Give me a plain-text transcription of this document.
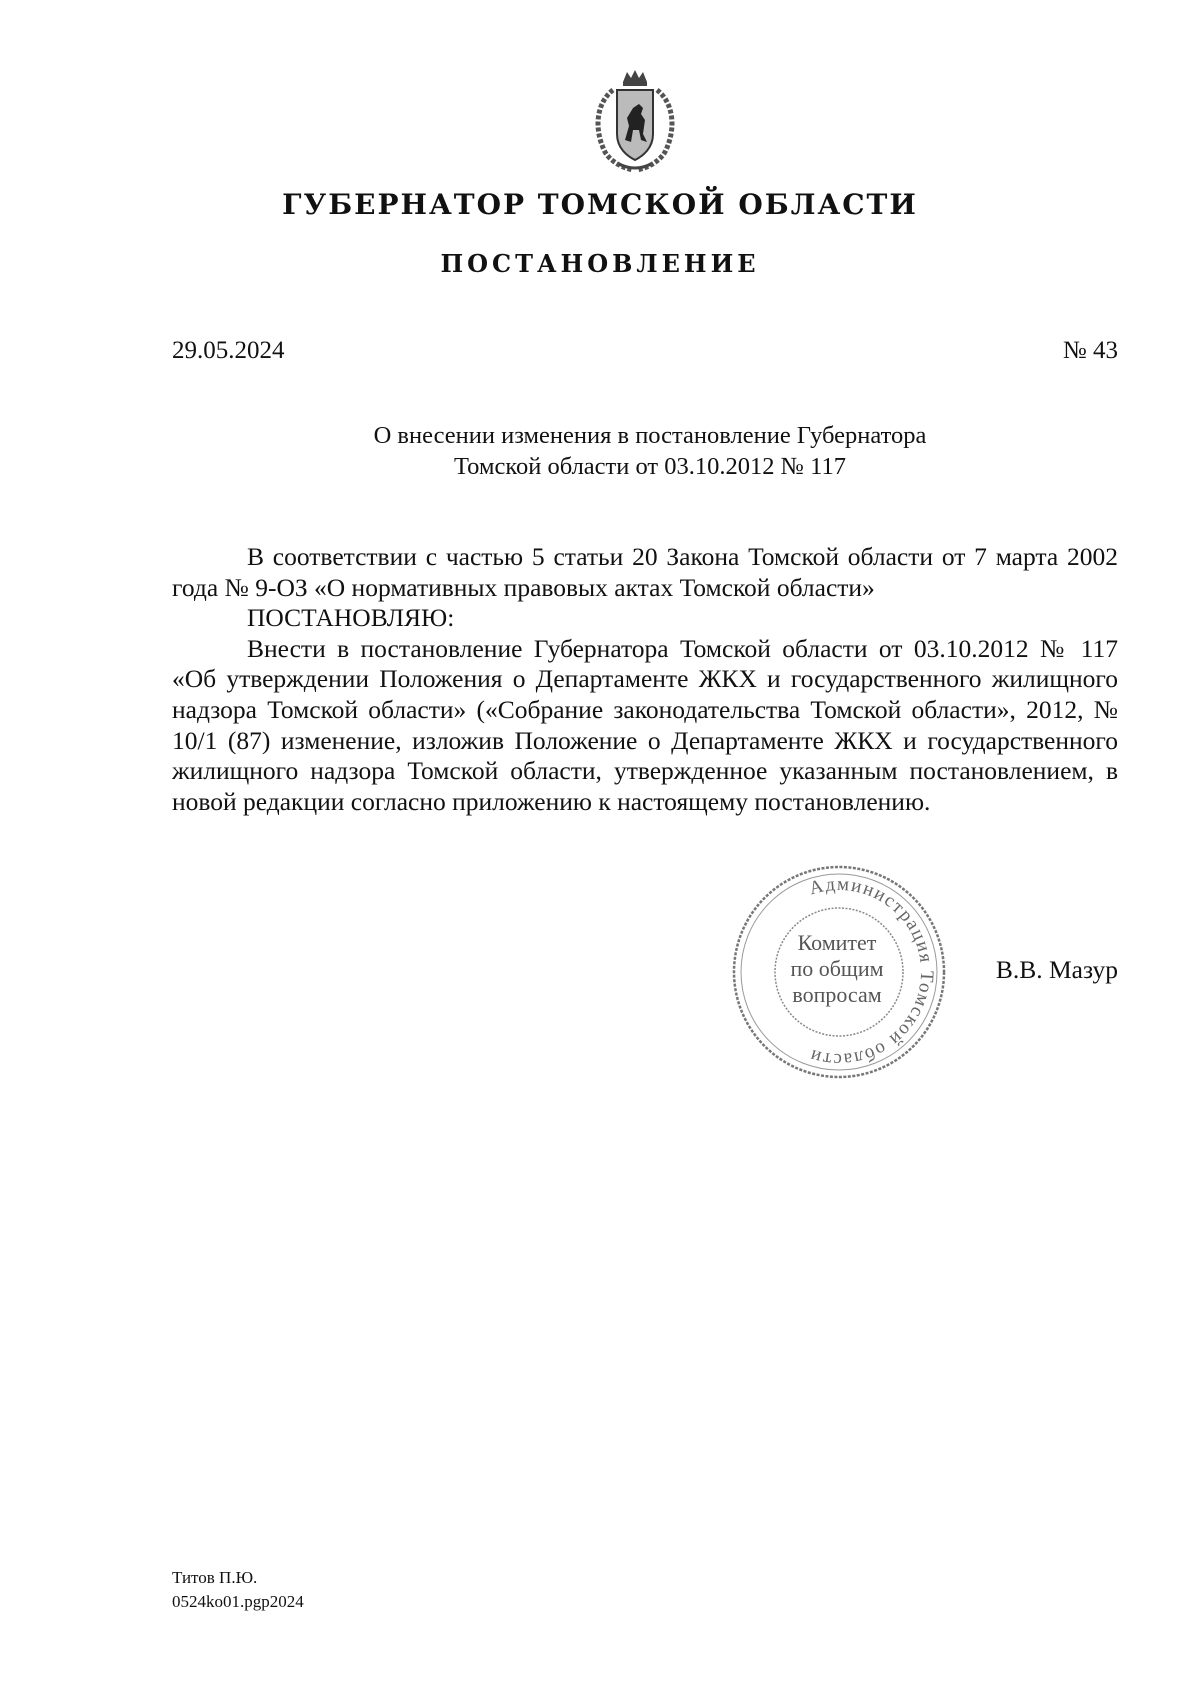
ГУБЕРНАТОР ТОМСКОЙ ОБЛАСТИ
ПОСТАНОВЛЕНИЕ
29.05.2024	№ 43
О внесении изменения в постановление Губернатора
Томской области от 03.10.2012 № 117

В соответствии с частью 5 статьи 20 Закона Томской области от 7 марта 2002 года № 9-ОЗ «О нормативных правовых актах Томской области»

ПОСТАНОВЛЯЮ:

Внести в постановление Губернатора Томской области от 03.10.2012 № 117 «Об утверждении Положения о Департаменте ЖКХ и государственного жилищного надзора Томской области» («Собрание законодательства Томской области», 2012, № 10/1 (87) изменение, изложив Положение о Департаменте ЖКХ и государственного жилищного надзора Томской области, утвержденное указанным постановлением, в новой редакции согласно приложению к настоящему постановлению.

Администрация Томской области
Комитет
по общим
вопросам
В.В. Мазур
Титов П.Ю.
0524ko01.pgp2024
